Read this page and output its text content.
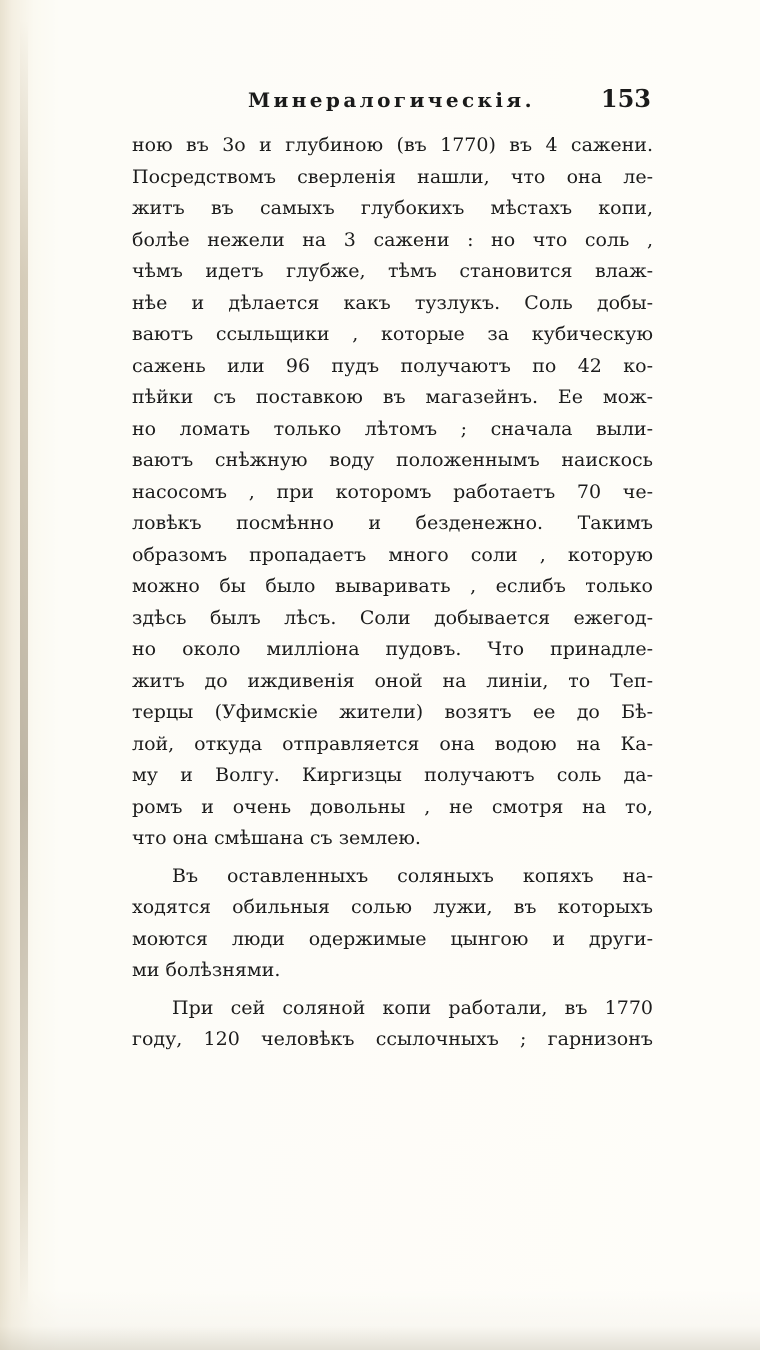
Минералогическія.	153
ною въ 3о и глубиною (въ 1770) въ 4 сажени.
Посредствомъ сверленія нашли, что она ле-
житъ въ самыхъ глубокихъ мѣстахъ копи,
болѣе нежели на 3 сажени : но что соль ,
чѣмъ идетъ глубже, тѣмъ становится влаж-
нѣе и дѣлается какъ тузлукъ. Соль добы-
ваютъ ссыльщики , которые за кубическую
сажень или 96 пудъ получаютъ по 42 ко-
пѣйки съ поставкою въ магазейнъ. Ее мож-
но ломать только лѣтомъ ; сначала выли-
ваютъ снѣжную воду положеннымъ наискось
насосомъ , при которомъ работаетъ 70 че-
ловѣкъ посмѣнно и безденежно. Такимъ
образомъ пропадаетъ много соли , которую
можно бы было вываривать , еслибъ только
здѣсь былъ лѣсъ. Соли добывается ежегод-
но около милліона пудовъ. Что принадле-
житъ до иждивенія оной на линіи, то Теп-
терцы (Уфимскіе жители) возятъ ее до Бѣ-
лой, откуда отправляется она водою на Ка-
му и Волгу. Киргизцы получаютъ соль да-
ромъ и очень довольны , не смотря на то,
что она смѣшана съ землею.
Въ оставленныхъ соляныхъ копяхъ на-
ходятся обильныя солью лужи, въ которыхъ
моются люди одержимые цынгою и други-
ми болѣзнями.
При сей соляной копи работали, въ 1770
году, 120 человѣкъ ссылочныхъ ; гарнизонъ
